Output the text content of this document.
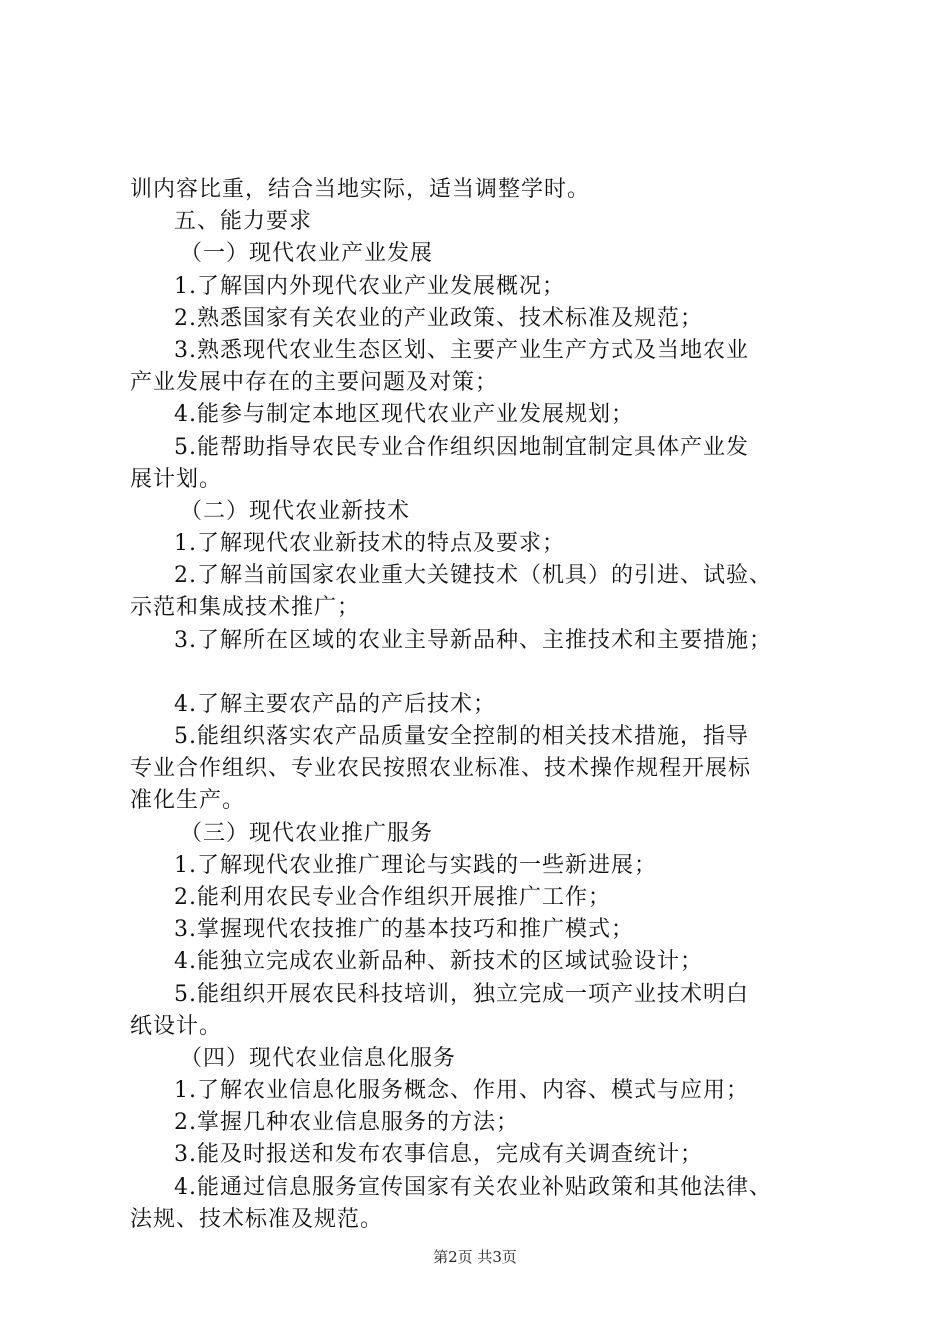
训内容比重，结合当地实际，适当调整学时。
五、能力要求
（一）现代农业产业发展
1.了解国内外现代农业产业发展概况；
2.熟悉国家有关农业的产业政策、技术标准及规范；
3.熟悉现代农业生态区划、主要产业生产方式及当地农业
产业发展中存在的主要问题及对策；
4.能参与制定本地区现代农业产业发展规划；
5.能帮助指导农民专业合作组织因地制宜制定具体产业发
展计划。
（二）现代农业新技术
1.了解现代农业新技术的特点及要求；
2.了解当前国家农业重大关键技术（机具）的引进、试验、
示范和集成技术推广；
3.了解所在区域的农业主导新品种、主推技术和主要措施；
4.了解主要农产品的产后技术；
5.能组织落实农产品质量安全控制的相关技术措施，指导
专业合作组织、专业农民按照农业标准、技术操作规程开展标
准化生产。
（三）现代农业推广服务
1.了解现代农业推广理论与实践的一些新进展；
2.能利用农民专业合作组织开展推广工作；
3.掌握现代农技推广的基本技巧和推广模式；
4.能独立完成农业新品种、新技术的区域试验设计；
5.能组织开展农民科技培训，独立完成一项产业技术明白
纸设计。
（四）现代农业信息化服务
1.了解农业信息化服务概念、作用、内容、模式与应用；
2.掌握几种农业信息服务的方法；
3.能及时报送和发布农事信息，完成有关调查统计；
4.能通过信息服务宣传国家有关农业补贴政策和其他法律、
法规、技术标准及规范。
第2页 共3页
